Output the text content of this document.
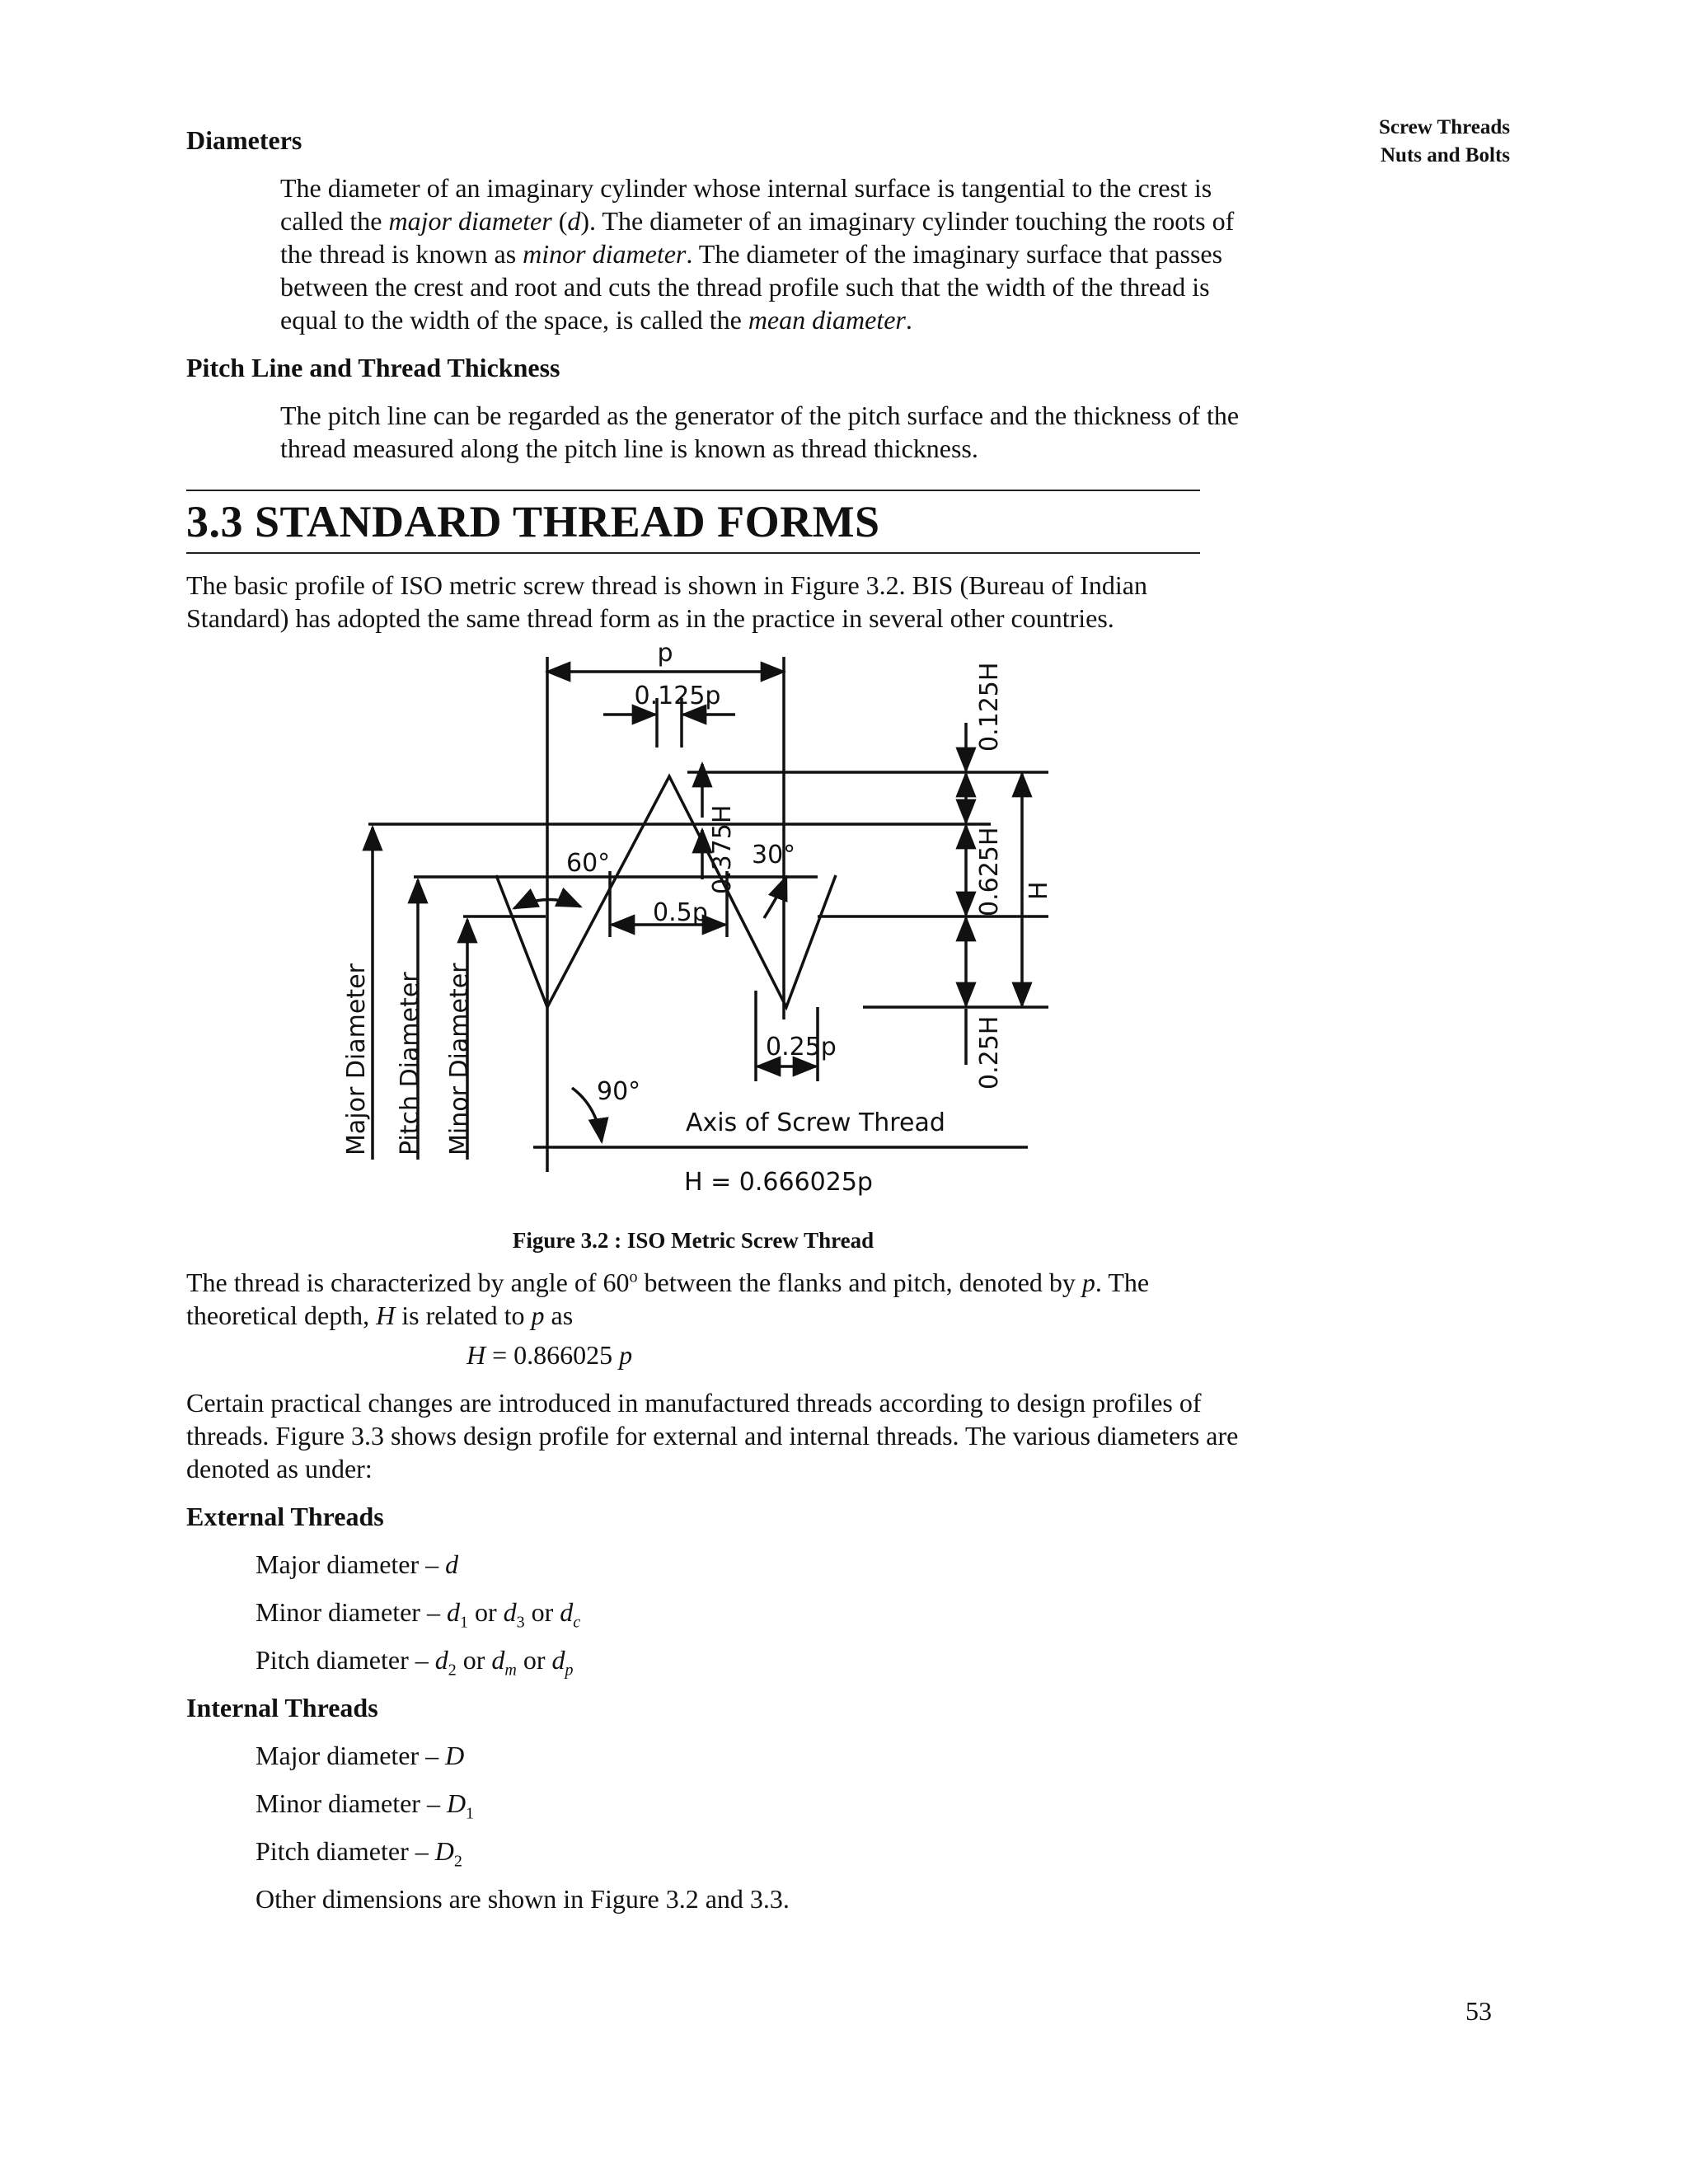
Screw Threads
Nuts and Bolts
Diameters

The diameter of an imaginary cylinder whose internal surface is tangential to the crest is called the major diameter (d). The diameter of an imaginary cylinder touching the roots of the thread is known as minor diameter. The diameter of the imaginary surface that passes between the crest and root and cuts the thread profile such that the width of the thread is equal to the width of the space, is called the mean diameter.

Pitch Line and Thread Thickness

The pitch line can be regarded as the generator of the pitch surface and the thickness of the thread measured along the pitch line is known as thread thickness.

3.3 STANDARD THREAD FORMS

The basic profile of ISO metric screw thread is shown in Figure 3.2. BIS (Bureau of Indian Standard) has adopted the same thread form as in the practice in several other countries.

p
0.125p
60°	30°
0.5p
0.25p
90°
Axis of Screw Thread
H = 0.666025p
0.375H
0.125H
0.625H
0.25H
H
Major Diameter Pitch Diameter Minor Diameter
Figure 3.2 : ISO Metric Screw Thread

The thread is characterized by angle of 60$^o$ between the flanks and pitch, denoted by p. The theoretical depth, H is related to p as

H = 0.866025 p

Certain practical changes are introduced in manufactured threads according to design profiles of threads. Figure 3.3 shows design profile for external and internal threads. The various diameters are denoted as under:

External Threads
Major diameter – d
Minor diameter – $d_1$ or $d_3$ or $d_c$
Pitch diameter – $d_2$ or $d_m$ or $d_p$
Internal Threads
Major diameter – D
Minor diameter – $D_1$
Pitch diameter – $D_2$
Other dimensions are shown in Figure 3.2 and 3.3.
53
